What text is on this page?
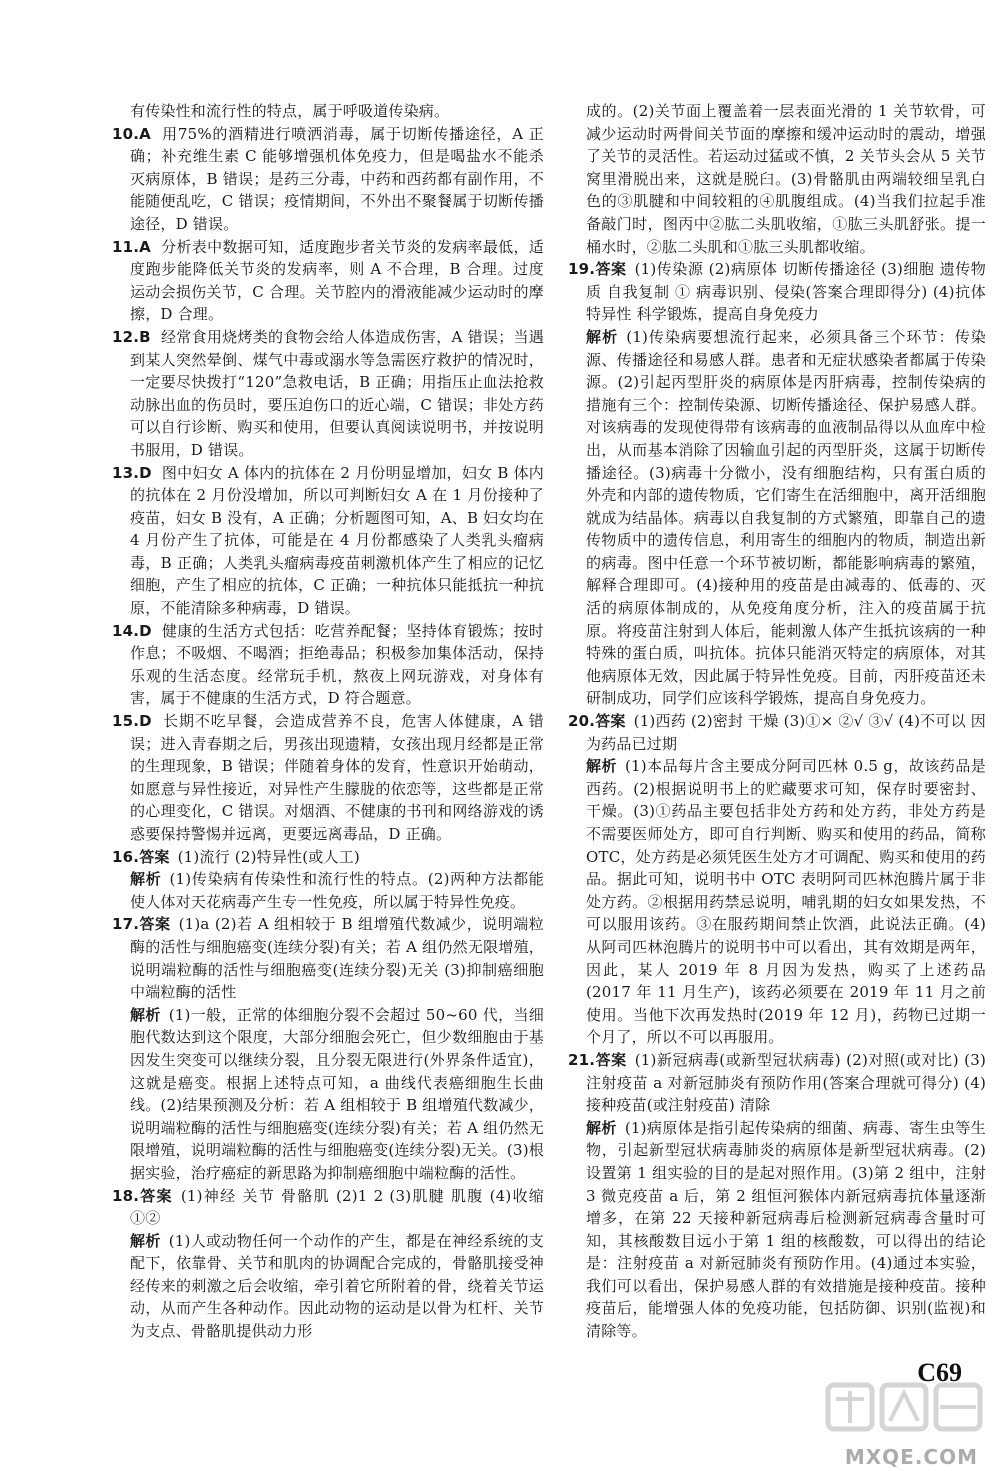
有传染性和流行性的特点，属于呼吸道传染病。

10.A 用75%的酒精进行喷洒消毒，属于切断传播途径，A 正确；补充维生素 C 能够增强机体免疫力，但是喝盐水不能杀灭病原体，B 错误；是药三分毒，中药和西药都有副作用，不能随便乱吃，C 错误；疫情期间，不外出不聚餐属于切断传播途径，D 错误。

11.A 分析表中数据可知，适度跑步者关节炎的发病率最低，适度跑步能降低关节炎的发病率，则 A 不合理，B 合理。过度运动会损伤关节，C 合理。关节腔内的滑液能减少运动时的摩擦，D 合理。

12.B 经常食用烧烤类的食物会给人体造成伤害，A 错误；当遇到某人突然晕倒、煤气中毒或溺水等急需医疗救护的情况时，一定要尽快拨打“120”急救电话，B 正确；用指压止血法抢救动脉出血的伤员时，要压迫伤口的近心端，C 错误；非处方药可以自行诊断、购买和使用，但要认真阅读说明书，并按说明书服用，D 错误。

13.D 图中妇女 A 体内的抗体在 2 月份明显增加，妇女 B 体内的抗体在 2 月份没增加，所以可判断妇女 A 在 1 月份接种了疫苗，妇女 B 没有，A 正确；分析题图可知，A、B 妇女均在 4 月份产生了抗体，可能是在 4 月份都感染了人类乳头瘤病毒，B 正确；人类乳头瘤病毒疫苗刺激机体产生了相应的记忆细胞，产生了相应的抗体，C 正确；一种抗体只能抵抗一种抗原，不能清除多种病毒，D 错误。

14.D 健康的生活方式包括：吃营养配餐；坚持体育锻炼；按时作息；不吸烟、不喝酒；拒绝毒品；积极参加集体活动，保持乐观的生活态度。经常玩手机，熬夜上网玩游戏，对身体有害，属于不健康的生活方式，D 符合题意。

15.D 长期不吃早餐，会造成营养不良，危害人体健康，A 错误；进入青春期之后，男孩出现遗精，女孩出现月经都是正常的生理现象，B 错误；伴随着身体的发育，性意识开始萌动，如愿意与异性接近，对异性产生朦胧的依恋等，这些都是正常的心理变化，C 错误。对烟酒、不健康的书刊和网络游戏的诱惑要保持警惕并远离，更要远离毒品，D 正确。

16.答案 (1)流行 (2)特异性(或人工)

解析 (1)传染病有传染性和流行性的特点。(2)两种方法都能使人体对天花病毒产生专一性免疫，所以属于特异性免疫。

17.答案 (1)a (2)若 A 组相较于 B 组增殖代数减少，说明端粒酶的活性与细胞癌变(连续分裂)有关；若 A 组仍然无限增殖，说明端粒酶的活性与细胞癌变(连续分裂)无关 (3)抑制癌细胞中端粒酶的活性

解析 (1)一般，正常的体细胞分裂不会超过 50~60 代，当细胞代数达到这个限度，大部分细胞会死亡，但少数细胞由于基因发生突变可以继续分裂，且分裂无限进行(外界条件适宜)，这就是癌变。根据上述特点可知，a 曲线代表癌细胞生长曲线。(2)结果预测及分析：若 A 组相较于 B 组增殖代数减少，说明端粒酶的活性与细胞癌变(连续分裂)有关；若 A 组仍然无限增殖，说明端粒酶的活性与细胞癌变(连续分裂)无关。(3)根据实验，治疗癌症的新思路为抑制癌细胞中端粒酶的活性。

18.答案 (1)神经 关节 骨骼肌 (2)1 2 (3)肌腱 肌腹 (4)收缩 ①②

解析 (1)人或动物任何一个动作的产生，都是在神经系统的支配下，依靠骨、关节和肌肉的协调配合完成的，骨骼肌接受神经传来的刺激之后会收缩，牵引着它所附着的骨，绕着关节运动，从而产生各种动作。因此动物的运动是以骨为杠杆、关节为支点、骨骼肌提供动力形

成的。(2)关节面上覆盖着一层表面光滑的 1 关节软骨，可减少运动时两骨间关节面的摩擦和缓冲运动时的震动，增强了关节的灵活性。若运动过猛或不慎，2 关节头会从 5 关节窝里滑脱出来，这就是脱臼。(3)骨骼肌由两端较细呈乳白色的③肌腱和中间较粗的④肌腹组成。(4)当我们拉起手准备敲门时，图丙中②肱二头肌收缩，①肱三头肌舒张。提一桶水时，②肱二头肌和①肱三头肌都收缩。

19.答案 (1)传染源 (2)病原体 切断传播途径 (3)细胞 遗传物质 自我复制 ① 病毒识别、侵染(答案合理即得分) (4)抗体 特异性 科学锻炼，提高自身免疫力

解析 (1)传染病要想流行起来，必须具备三个环节：传染源、传播途径和易感人群。患者和无症状感染者都属于传染源。(2)引起丙型肝炎的病原体是丙肝病毒，控制传染病的措施有三个：控制传染源、切断传播途径、保护易感人群。对该病毒的发现使得带有该病毒的血液制品得以从血库中检出，从而基本消除了因输血引起的丙型肝炎，这属于切断传播途径。(3)病毒十分微小，没有细胞结构，只有蛋白质的外壳和内部的遗传物质，它们寄生在活细胞中，离开活细胞就成为结晶体。病毒以自我复制的方式繁殖，即靠自己的遗传物质中的遗传信息，利用寄生的细胞内的物质，制造出新的病毒。图中任意一个环节被切断，都能影响病毒的繁殖，解释合理即可。(4)接种用的疫苗是由减毒的、低毒的、灭活的病原体制成的，从免疫角度分析，注入的疫苗属于抗原。将疫苗注射到人体后，能刺激人体产生抵抗该病的一种特殊的蛋白质，叫抗体。抗体只能消灭特定的病原体，对其他病原体无效，因此属于特异性免疫。目前，丙肝疫苗还未研制成功，同学们应该科学锻炼，提高自身免疫力。

20.答案 (1)西药 (2)密封 干燥 (3)①× ②√ ③√ (4)不可以 因为药品已过期

解析 (1)本品每片含主要成分阿司匹林 0.5 g，故该药品是西药。(2)根据说明书上的贮藏要求可知，保存时要密封、干燥。(3)①药品主要包括非处方药和处方药，非处方药是不需要医师处方，即可自行判断、购买和使用的药品，简称 OTC，处方药是必须凭医生处方才可调配、购买和使用的药品。据此可知，说明书中 OTC 表明阿司匹林泡腾片属于非处方药。②根据用药禁忌说明，哺乳期的妇女如果发热，不可以服用该药。③在服药期间禁止饮酒，此说法正确。(4)从阿司匹林泡腾片的说明书中可以看出，其有效期是两年，因此，某人 2019 年 8 月因为发热，购买了上述药品(2017 年 11 月生产)，该药必须要在 2019 年 11 月之前使用。当他下次再发热时(2019 年 12 月)，药物已过期一个月了，所以不可以再服用。

21.答案 (1)新冠病毒(或新型冠状病毒) (2)对照(或对比) (3)注射疫苗 a 对新冠肺炎有预防作用(答案合理就可得分) (4)接种疫苗(或注射疫苗) 清除

解析 (1)病原体是指引起传染病的细菌、病毒、寄生虫等生物，引起新型冠状病毒肺炎的病原体是新型冠状病毒。(2)设置第 1 组实验的目的是起对照作用。(3)第 2 组中，注射 3 微克疫苗 a 后，第 2 组恒河猴体内新冠病毒抗体量逐渐增多，在第 22 天接种新冠病毒后检测新冠病毒含量时可知，其核酸数目远小于第 1 组的核酸数，可以得出的结论是：注射疫苗 a 对新冠肺炎有预防作用。(4)通过本实验，我们可以看出，保护易感人群的有效措施是接种疫苗。接种疫苗后，能增强人体的免疫功能，包括防御、识别(监视)和清除等。

C69
MXQE.COM
